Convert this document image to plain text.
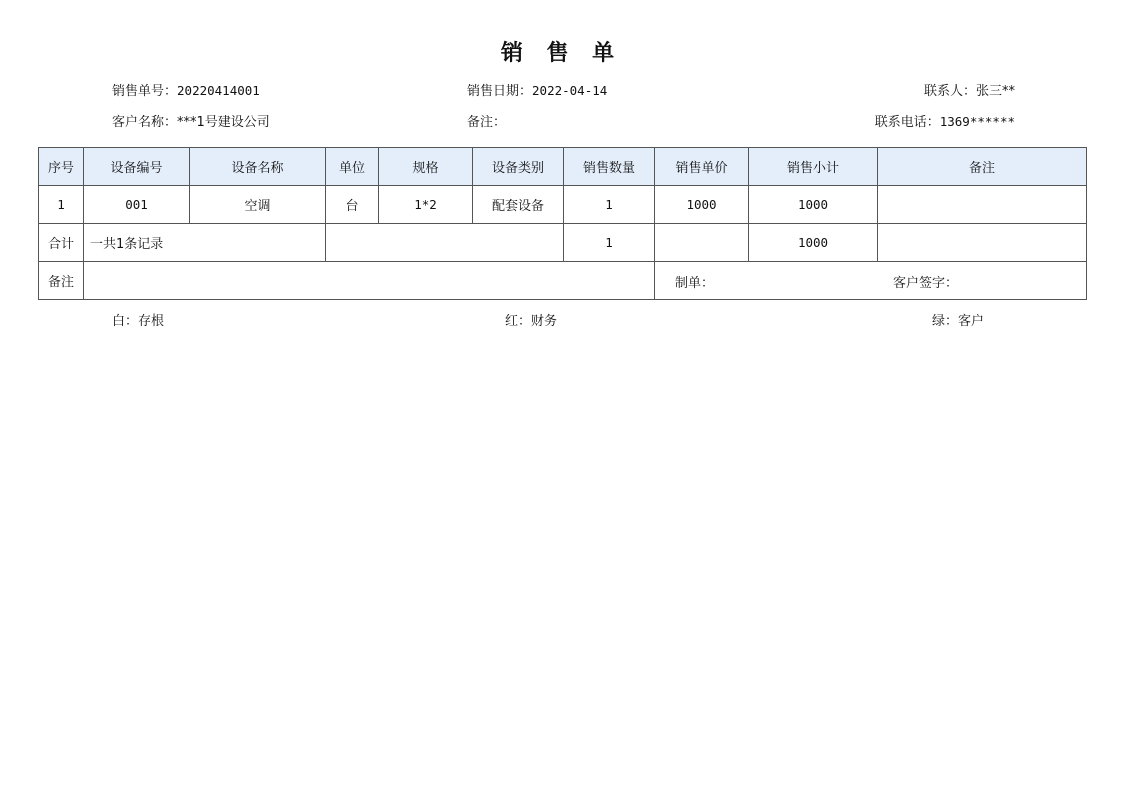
销 售 单
销售单号：20220414001	销售日期：2022-04-14	联系人：张三**
客户名称：***1号建设公司	备注：	联系电话：1369******
序号	设备编号	设备名称	单位	规格	设备类别	销售数量	销售单价	销售小计	备注
1	001	空调	台	1*2	配套设备	1	1000	1000	
合计	一共1条记录					1		1000	
备注										制单：	客户签字：
白：存根	红：财务	绿：客户
